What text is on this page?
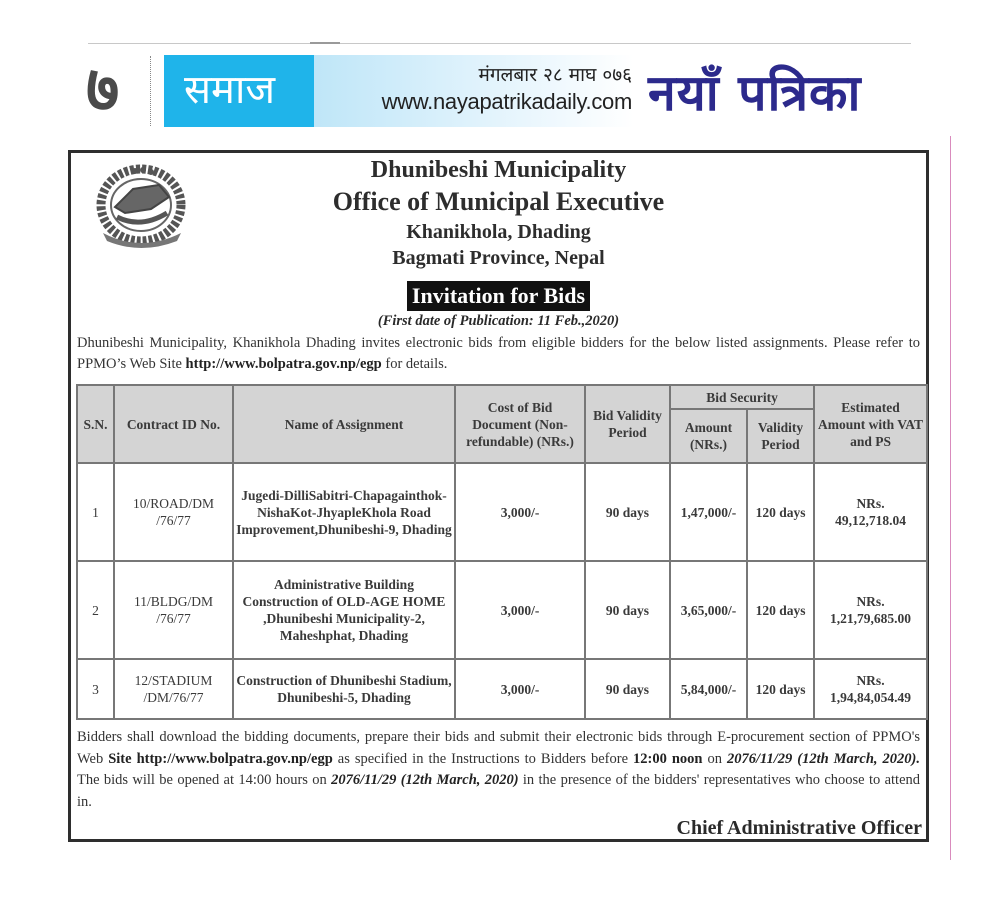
७ समाज	मंगलबार २८ माघ ०७६
www.nayapatrikadaily.com नयाँ पत्रिका
Dhunibeshi Municipality
Office of Municipal Executive
Khanikhola, Dhading
Bagmati Province, Nepal
Invitation for Bids
(First date of Publication: 11 Feb.,2020)
Dhunibeshi Municipality, Khanikhola Dhading invites electronic bids from eligible bidders for the below listed assignments. Please refer to PPMO’s Web Site http://www.bolpatra.gov.np/egp for details.
S.N.	Contract ID No.	Name of Assignment	Cost of Bid Document (Non-refundable) (NRs.)	Bid Validity Period	Bid Security		Estimated Amount with VAT and PS
					Amount (NRs.)	Validity Period	
1	10/ROAD/DM /76/77	Jugedi-DilliSabitri-Chapagainthok- NishaKot-JhyapleKhola Road Improvement,Dhunibeshi-9, Dhading	3,000/-	90 days	1,47,000/-	120 days	NRs.
49,12,718.04
2	11/BLDG/DM /76/77	Administrative Building Construction of OLD-AGE HOME ,Dhunibeshi Municipality-2, Maheshphat, Dhading	3,000/-	90 days	3,65,000/-	120 days	NRs.
1,21,79,685.00
3	12/STADIUM /DM/76/77	Construction of Dhunibeshi Stadium, Dhunibeshi-5, Dhading	3,000/-	90 days	5,84,000/-	120 days	NRs.
1,94,84,054.49
Bidders shall download the bidding documents, prepare their bids and submit their electronic bids through E-procurement section of PPMO's Web Site http://www.bolpatra.gov.np/egp as specified in the Instructions to Bidders before 12:00 noon on 2076/11/29 (12th March, 2020). The bids will be opened at 14:00 hours on 2076/11/29 (12th March, 2020) in the presence of the bidders' representatives who choose to attend in.
Chief Administrative Officer
